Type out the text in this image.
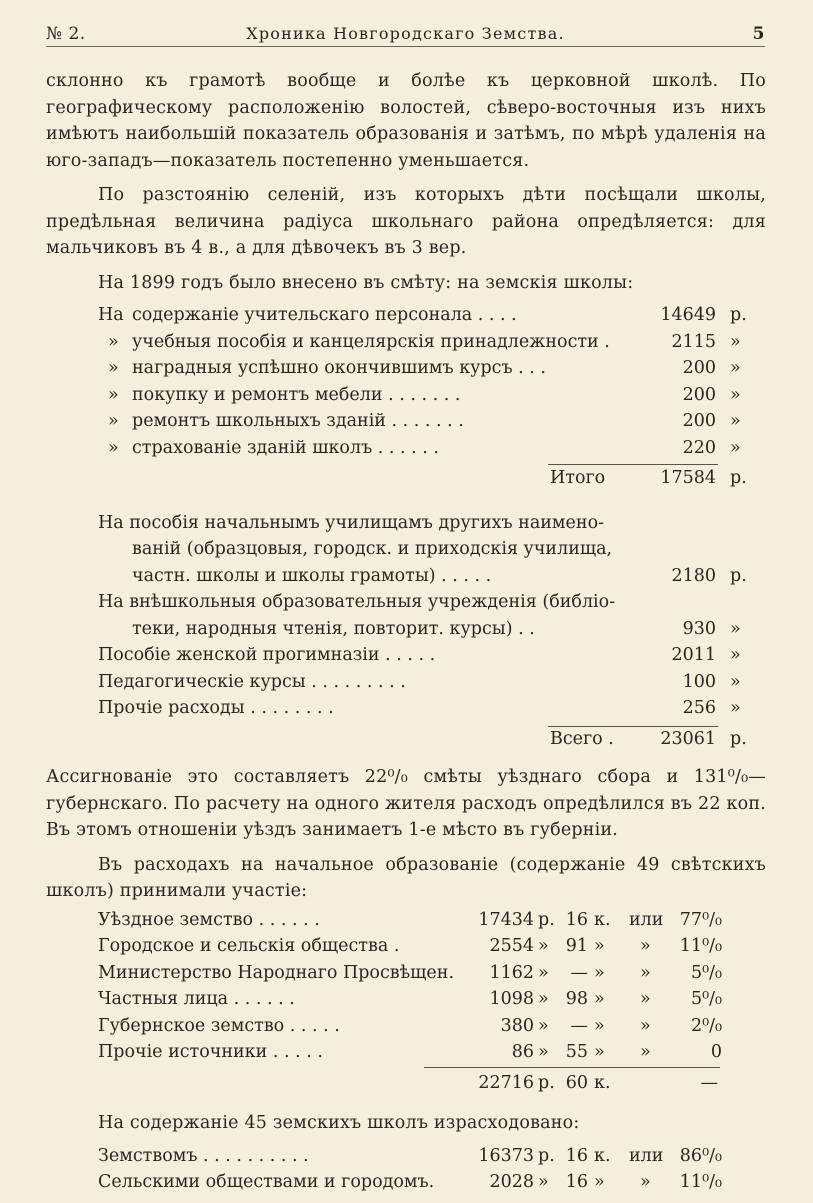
№ 2.	Хроника Новгородскаго Земства.	5

склонно къ грамотѣ вообще и болѣе къ церковной школѣ. По географическому расположенію волостей, сѣверо-восточныя изъ нихъ имѣютъ наибольшій показатель образованія и затѣмъ, по мѣрѣ удаленія на юго-западъ—показатель постепенно уменьшается.

По разстоянію селеній, изъ которыхъ дѣти посѣщали школы, предѣльная величина радіуса школьнаго района опредѣляется: для мальчиковъ въ 4 в., а для дѣвочекъ въ 3 вер.

На 1899 годъ было внесено въ смѣту: на земскія школы:

На содержаніе учительскаго персонала . . . .	14649 р.
» учебныя пособія и канцелярскія принадлежности .	2115 »
» наградныя успѣшно окончившимъ курсъ . . .	200 »
» покупку и ремонтъ мебели . . . . . . .	200 »
» ремонтъ школьныхъ зданій . . . . . . .	200 »
» страхованіе зданій школъ . . . . . .	220 »
Итого	17584 р.
На пособія начальнымъ училищамъ другихъ наимено-
ванiй (образцовыя, городск. и приходскія училища,
частн. школы и школы грамоты) . . . . .	2180 р.
На внѣшкольныя образовательныя учрежденія (библіо-
теки, народныя чтенія, повторит. курсы) . .	930 »
Пособіе женской прогимназіи . . . . .	2011 »
Педагогическіе курсы . . . . . . . . .	100 »
Прочіе расходы . . . . . . . .	256 »
Всего .	23061 р.

Ассигнованіе это составляетъ 22⁰/₀ смѣты уѣзднаго сбора и 131⁰/₀—губернскаго. По расчету на одного жителя расходъ опредѣлился въ 22 коп. Въ этомъ отношеніи уѣздъ занимаетъ 1-е мѣсто въ губерніи.

Въ расходахъ на начальное образованіе (содержаніе 49 свѣтскихъ школъ) принимали участіе:

Уѣздное земство . . . . . .	17434 р. 16 к. или 77⁰/₀
Городское и сельскія общества .	2554 » 91 » » 11⁰/₀
Министерство Народнаго Просвѣщен. 1162 » — » » 5⁰/₀
Частныя лица . . . . . .	1098 » 98 » » 5⁰/₀
Губернское земство . . . . .	380 » — » » 2⁰/₀
Прочіе источники . . . . .	86 » 55 » »	0
22716 р. 60 к.	—

На содержаніе 45 земскихъ школъ израсходовано:

Земствомъ . . . . . . . . . .	16373 р. 16 к. или 86⁰/₀
Сельскими обществами и городомъ.	2028 » 16 » » 11⁰/₀
